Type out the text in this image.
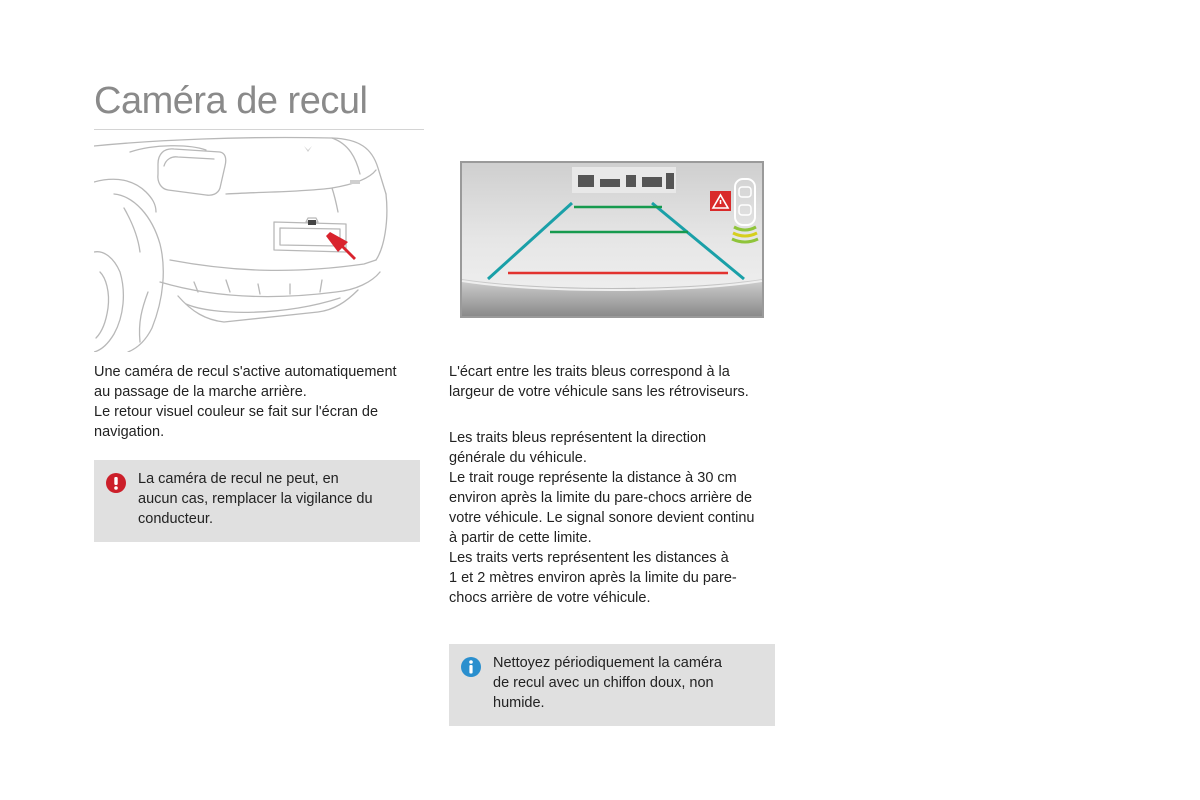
Caméra de recul

Une caméra de recul s'active automatiquement
au passage de la marche arrière.
Le retour visuel couleur se fait sur l'écran de
navigation.

La caméra de recul ne peut, en
aucun cas, remplacer la vigilance du
conducteur.

L'écart entre les traits bleus correspond à la
largeur de votre véhicule sans les rétroviseurs.

Les traits bleus représentent la direction
générale du véhicule.
Le trait rouge représente la distance à 30 cm
environ après la limite du pare-chocs arrière de
votre véhicule. Le signal sonore devient continu
à partir de cette limite.
Les traits verts représentent les distances à
1 et 2 mètres environ après la limite du pare-
chocs arrière de votre véhicule.

Nettoyez périodiquement la caméra
de recul avec un chiffon doux, non
humide.
